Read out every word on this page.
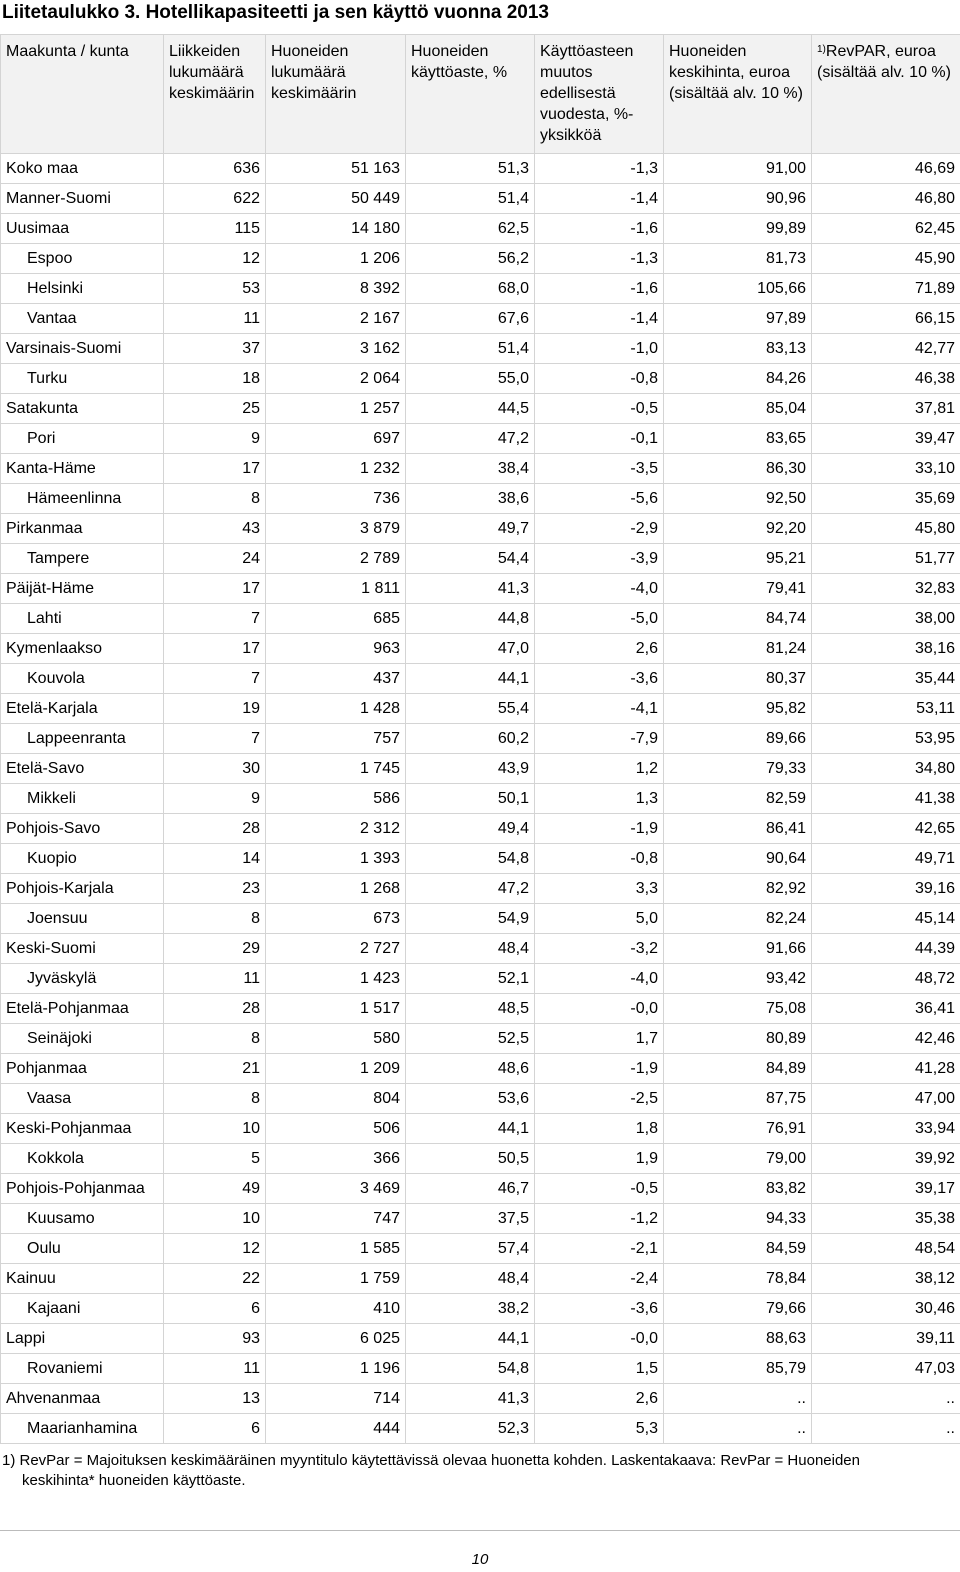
Liitetaulukko 3. Hotellikapasiteetti ja sen käyttö vuonna 2013
Maakunta / kunta	Liikkeiden lukumäärä keskimäärin	Huoneiden lukumäärä keskimäärin	Huoneiden käyttöaste, %	Käyttöasteen muutos edellisestä vuodesta, %-yksikköä	Huoneiden keskihinta, euroa (sisältää alv. 10 %)	$^{1)}$RevPAR, euroa (sisältää alv. 10 %)
Koko maa	636	51 163	51,3	-1,3	91,00	46,69
Manner-Suomi	622	50 449	51,4	-1,4	90,96	46,80
Uusimaa	115	14 180	62,5	-1,6	99,89	62,45
Espoo	12	1 206	56,2	-1,3	81,73	45,90
Helsinki	53	8 392	68,0	-1,6	105,66	71,89
Vantaa	11	2 167	67,6	-1,4	97,89	66,15
Varsinais-Suomi	37	3 162	51,4	-1,0	83,13	42,77
Turku	18	2 064	55,0	-0,8	84,26	46,38
Satakunta	25	1 257	44,5	-0,5	85,04	37,81
Pori	9	697	47,2	-0,1	83,65	39,47
Kanta-Häme	17	1 232	38,4	-3,5	86,30	33,10
Hämeenlinna	8	736	38,6	-5,6	92,50	35,69
Pirkanmaa	43	3 879	49,7	-2,9	92,20	45,80
Tampere	24	2 789	54,4	-3,9	95,21	51,77
Päijät-Häme	17	1 811	41,3	-4,0	79,41	32,83
Lahti	7	685	44,8	-5,0	84,74	38,00
Kymenlaakso	17	963	47,0	2,6	81,24	38,16
Kouvola	7	437	44,1	-3,6	80,37	35,44
Etelä-Karjala	19	1 428	55,4	-4,1	95,82	53,11
Lappeenranta	7	757	60,2	-7,9	89,66	53,95
Etelä-Savo	30	1 745	43,9	1,2	79,33	34,80
Mikkeli	9	586	50,1	1,3	82,59	41,38
Pohjois-Savo	28	2 312	49,4	-1,9	86,41	42,65
Kuopio	14	1 393	54,8	-0,8	90,64	49,71
Pohjois-Karjala	23	1 268	47,2	3,3	82,92	39,16
Joensuu	8	673	54,9	5,0	82,24	45,14
Keski-Suomi	29	2 727	48,4	-3,2	91,66	44,39
Jyväskylä	11	1 423	52,1	-4,0	93,42	48,72
Etelä-Pohjanmaa	28	1 517	48,5	-0,0	75,08	36,41
Seinäjoki	8	580	52,5	1,7	80,89	42,46
Pohjanmaa	21	1 209	48,6	-1,9	84,89	41,28
Vaasa	8	804	53,6	-2,5	87,75	47,00
Keski-Pohjanmaa	10	506	44,1	1,8	76,91	33,94
Kokkola	5	366	50,5	1,9	79,00	39,92
Pohjois-Pohjanmaa	49	3 469	46,7	-0,5	83,82	39,17
Kuusamo	10	747	37,5	-1,2	94,33	35,38
Oulu	12	1 585	57,4	-2,1	84,59	48,54
Kainuu	22	1 759	48,4	-2,4	78,84	38,12
Kajaani	6	410	38,2	-3,6	79,66	30,46
Lappi	93	6 025	44,1	-0,0	88,63	39,11
Rovaniemi	11	1 196	54,8	1,5	85,79	47,03
Ahvenanmaa	13	714	41,3	2,6	..	..
Maarianhamina	6	444	52,3	5,3	..	..
1) RevPar = Majoituksen keskimääräinen myyntitulo käytettävissä olevaa huonetta kohden. Laskentakaava: RevPar = Huoneiden
keskihinta* huoneiden käyttöaste.
10
